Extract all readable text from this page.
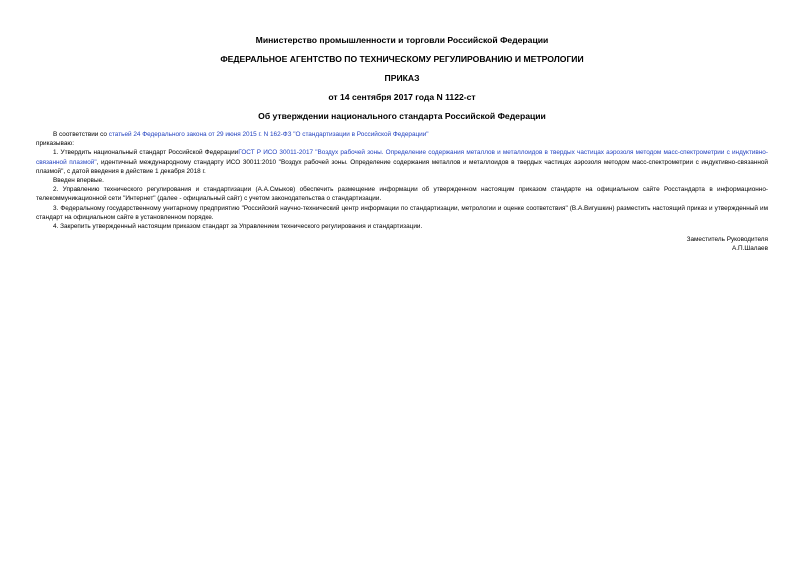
Министерство промышленности и торговли Российской Федерации

ФЕДЕРАЛЬНОЕ АГЕНТСТВО ПО ТЕХНИЧЕСКОМУ РЕГУЛИРОВАНИЮ И МЕТРОЛОГИИ

ПРИКАЗ

от 14 сентября 2017 года N 1122-ст

Об утверждении национального стандарта Российской Федерации

В соответствии со статьей 24 Федерального закона от 29 июня 2015 г. N 162-ФЗ "О стандартизации в Российской Федерации"

приказываю:

1. Утвердить национальный стандарт Российской ФедерацииГОСТ Р ИСО 30011-2017 "Воздух рабочей зоны. Определение содержания металлов и металлоидов в твердых частицах аэрозоля методом масс-спектрометрии с индуктивно-связанной плазмой", идентичный международному стандарту ИСО 30011:2010 "Воздух рабочей зоны. Определение содержания металлов и металлоидов в твердых частицах аэрозоля методом масс-спектрометрии с индуктивно-связанной плазмой", с датой введения в действие 1 декабря 2018 г.

Введен впервые.

2. Управлению технического регулирования и стандартизации (А.А.Смыков) обеспечить размещение информации об утвержденном настоящим приказом стандарте на официальном сайте Росстандарта в информационно-телекоммуникационной сети "Интернет" (далее - официальный сайт) с учетом законодательства о стандартизации.

3. Федеральному государственному унитарному предприятию "Российский научно-технический центр информации по стандартизации, метрологии и оценке соответствия" (В.А.Вигушкин) разместить настоящий приказ и утвержденный им стандарт на официальном сайте в установленном порядке.

4. Закрепить утвержденный настоящим приказом стандарт за Управлением технического регулирования и стандартизации.

Заместитель Руководителя

А.П.Шалаев
